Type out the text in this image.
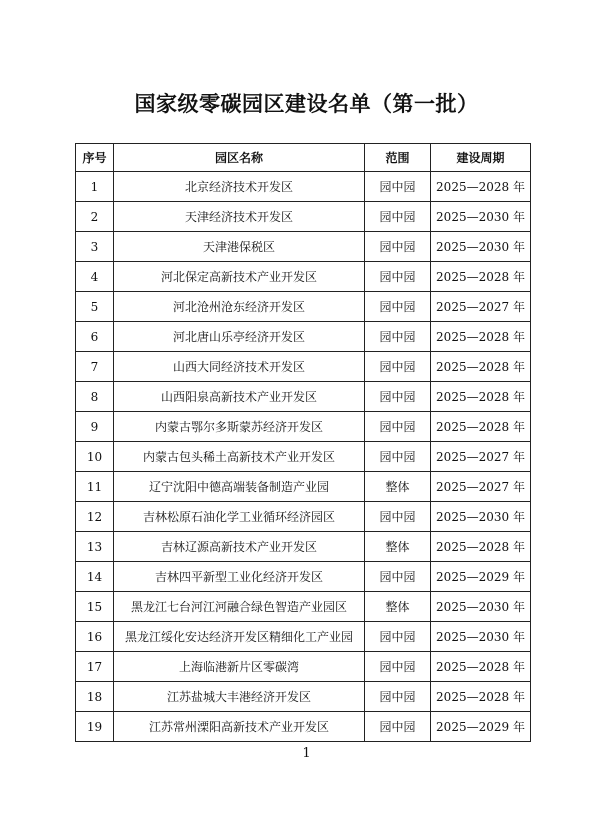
国家级零碳园区建设名单（第一批）
序号	园区名称	范围	建设周期
1	北京经济技术开发区	园中园	2025—2028 年
2	天津经济技术开发区	园中园	2025—2030 年
3	天津港保税区	园中园	2025—2030 年
4	河北保定高新技术产业开发区	园中园	2025—2028 年
5	河北沧州沧东经济开发区	园中园	2025—2027 年
6	河北唐山乐亭经济开发区	园中园	2025—2028 年
7	山西大同经济技术开发区	园中园	2025—2028 年
8	山西阳泉高新技术产业开发区	园中园	2025—2028 年
9	内蒙古鄂尔多斯蒙苏经济开发区	园中园	2025—2028 年
10	内蒙古包头稀土高新技术产业开发区	园中园	2025—2027 年
11	辽宁沈阳中德高端装备制造产业园	整体	2025—2027 年
12	吉林松原石油化学工业循环经济园区	园中园	2025—2030 年
13	吉林辽源高新技术产业开发区	整体	2025—2028 年
14	吉林四平新型工业化经济开发区	园中园	2025—2029 年
15	黑龙江七台河江河融合绿色智造产业园区	整体	2025—2030 年
16	黑龙江绥化安达经济开发区精细化工产业园	园中园	2025—2030 年
17	上海临港新片区零碳湾	园中园	2025—2028 年
18	江苏盐城大丰港经济开发区	园中园	2025—2028 年
19	江苏常州溧阳高新技术产业开发区	园中园	2025—2029 年
1
